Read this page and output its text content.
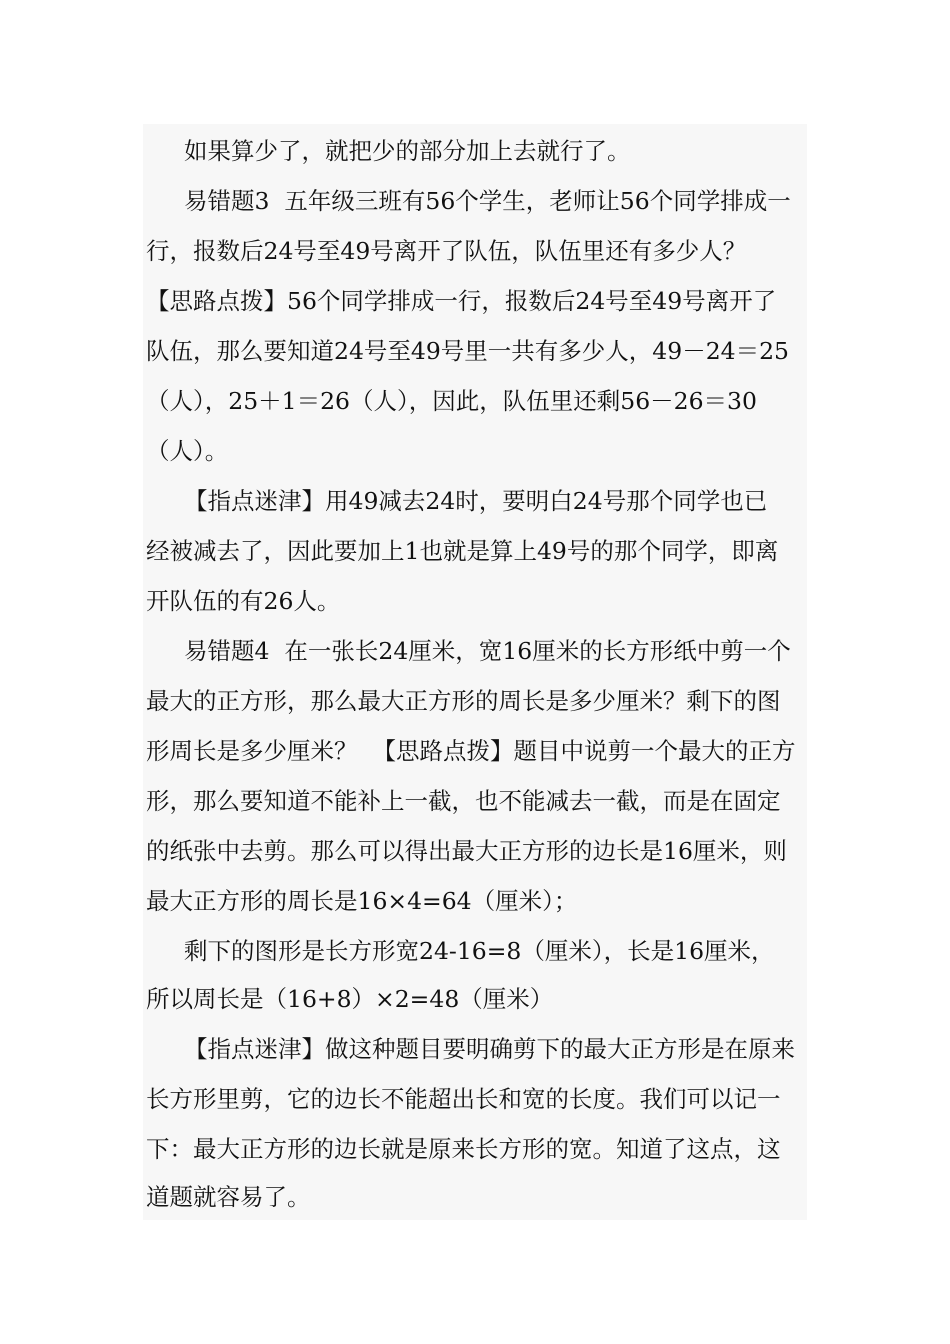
如果算少了，就把少的部分加上去就行了。
易错题3  五年级三班有56个学生，老师让56个同学排成一
行，报数后24号至49号离开了队伍，队伍里还有多少人？
【思路点拨】56个同学排成一行，报数后24号至49号离开了
队伍，那么要知道24号至49号里一共有多少人，49－24＝25
（人），25＋1＝26（人），因此，队伍里还剩56－26＝30
（人）。
【指点迷津】用49减去24时，要明白24号那个同学也已
经被减去了，因此要加上1也就是算上49号的那个同学，即离
开队伍的有26人。
易错题4  在一张长24厘米，宽16厘米的长方形纸中剪一个
最大的正方形，那么最大正方形的周长是多少厘米？剩下的图
形周长是多少厘米？  【思路点拨】题目中说剪一个最大的正方
形，那么要知道不能补上一截，也不能减去一截，而是在固定
的纸张中去剪。那么可以得出最大正方形的边长是16厘米，则
最大正方形的周长是16×4=64（厘米）；
剩下的图形是长方形宽24-16=8（厘米），长是16厘米，
所以周长是（16+8）×2=48（厘米）
【指点迷津】做这种题目要明确剪下的最大正方形是在原来
长方形里剪，它的边长不能超出长和宽的长度。我们可以记一
下：最大正方形的边长就是原来长方形的宽。知道了这点，这
道题就容易了。
